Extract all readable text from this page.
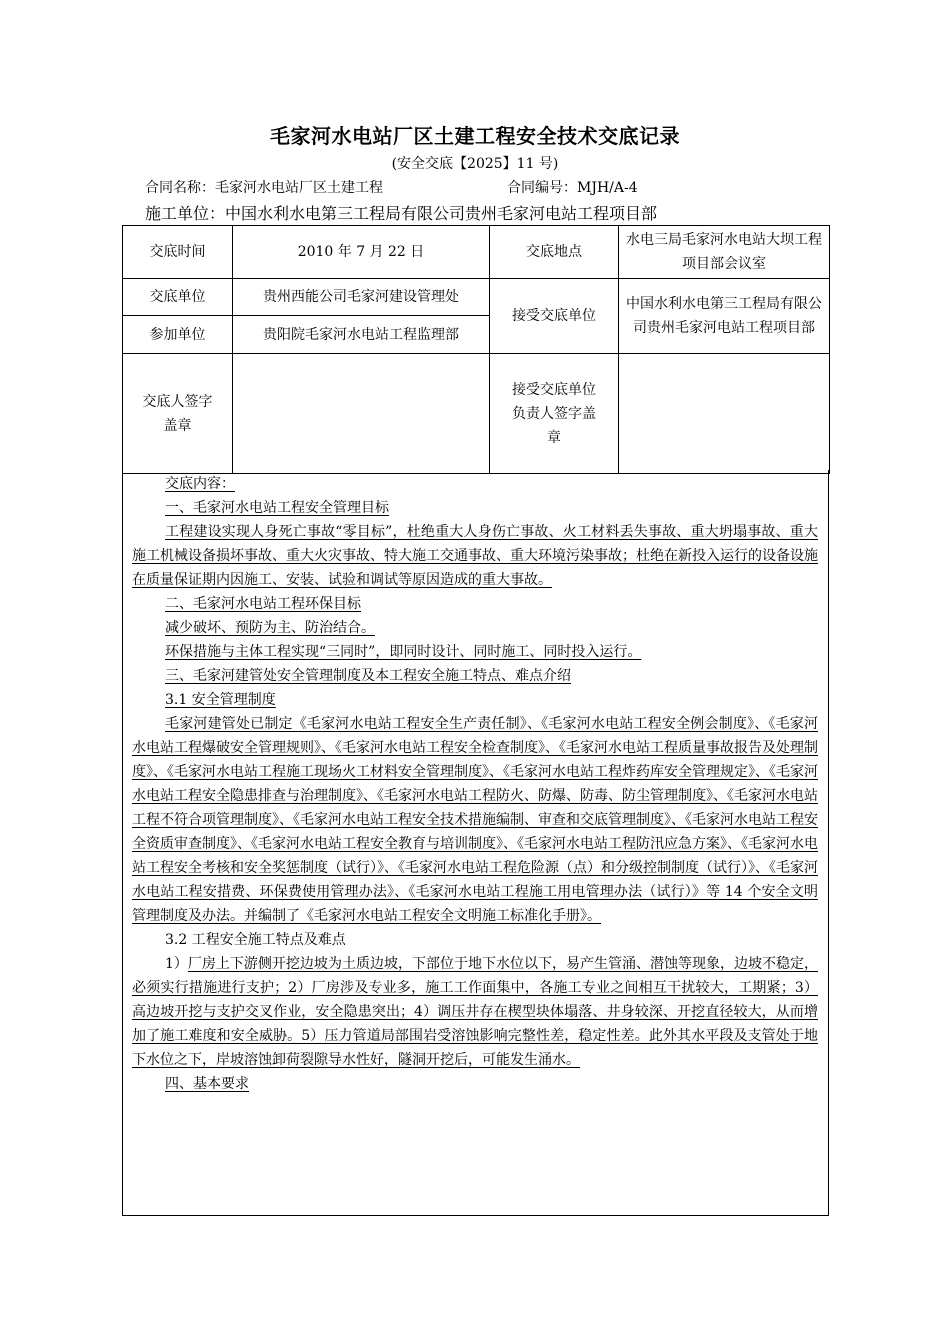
毛家河水电站厂区土建工程安全技术交底记录
(安全交底【2025】11 号)
合同名称：毛家河水电站厂区土建工程	合同编号：MJH/A-4
施工单位：中国水利水电第三工程局有限公司贵州毛家河电站工程项目部
交底时间	2010 年 7 月 22 日	交底地点	水电三局毛家河水电站大坝工程项目部会议室
交底单位	贵州西能公司毛家河建设管理处	接受交底单位	中国水利水电第三工程局有限公司贵州毛家河电站工程项目部
参加单位	贵阳院毛家河水电站工程监理部		
交底人签字盖章		接受交底单位负责人签字盖章	

交底内容：

一、毛家河水电站工程安全管理目标

工程建设实现人身死亡事故“零目标”，杜绝重大人身伤亡事故、火工材料丢失事故、重大坍塌事故、重大施工机械设备损坏事故、重大火灾事故、特大施工交通事故、重大环境污染事故；杜绝在新投入运行的设备设施在质量保证期内因施工、安装、试验和调试等原因造成的重大事故。

二、毛家河水电站工程环保目标

减少破坏、预防为主、防治结合。

环保措施与主体工程实现“三同时”，即同时设计、同时施工、同时投入运行。

三、毛家河建管处安全管理制度及本工程安全施工特点、难点介绍

3.1 安全管理制度

毛家河建管处已制定《毛家河水电站工程安全生产责任制》、《毛家河水电站工程安全例会制度》、《毛家河水电站工程爆破安全管理规则》、《毛家河水电站工程安全检查制度》、《毛家河水电站工程质量事故报告及处理制度》、《毛家河水电站工程施工现场火工材料安全管理制度》、《毛家河水电站工程炸药库安全管理规定》、《毛家河水电站工程安全隐患排查与治理制度》、《毛家河水电站工程防火、防爆、防毒、防尘管理制度》、《毛家河水电站工程不符合项管理制度》、《毛家河水电站工程安全技术措施编制、审查和交底管理制度》、《毛家河水电站工程安全资质审查制度》、《毛家河水电站工程安全教育与培训制度》、《毛家河水电站工程防汛应急方案》、《毛家河水电站工程安全考核和安全奖惩制度（试行）》、《毛家河水电站工程危险源（点）和分级控制制度（试行）》、《毛家河水电站工程安措费、环保费使用管理办法》、《毛家河水电站工程施工用电管理办法（试行）》等 14 个安全文明管理制度及办法。并编制了《毛家河水电站工程安全文明施工标准化手册》。

3.2 工程安全施工特点及难点

1）厂房上下游侧开挖边坡为土质边坡，下部位于地下水位以下，易产生管涌、潜蚀等现象，边坡不稳定，必须实行措施进行支护；2）厂房涉及专业多，施工工作面集中，各施工专业之间相互干扰较大，工期紧；3）高边坡开挖与支护交叉作业，安全隐患突出；4）调压井存在楔型块体塌落、井身较深、开挖直径较大，从而增加了施工难度和安全威胁。5）压力管道局部围岩受溶蚀影响完整性差，稳定性差。此外其水平段及支管处于地下水位之下，岸坡溶蚀卸荷裂隙导水性好，隧洞开挖后，可能发生涌水。

四、基本要求
